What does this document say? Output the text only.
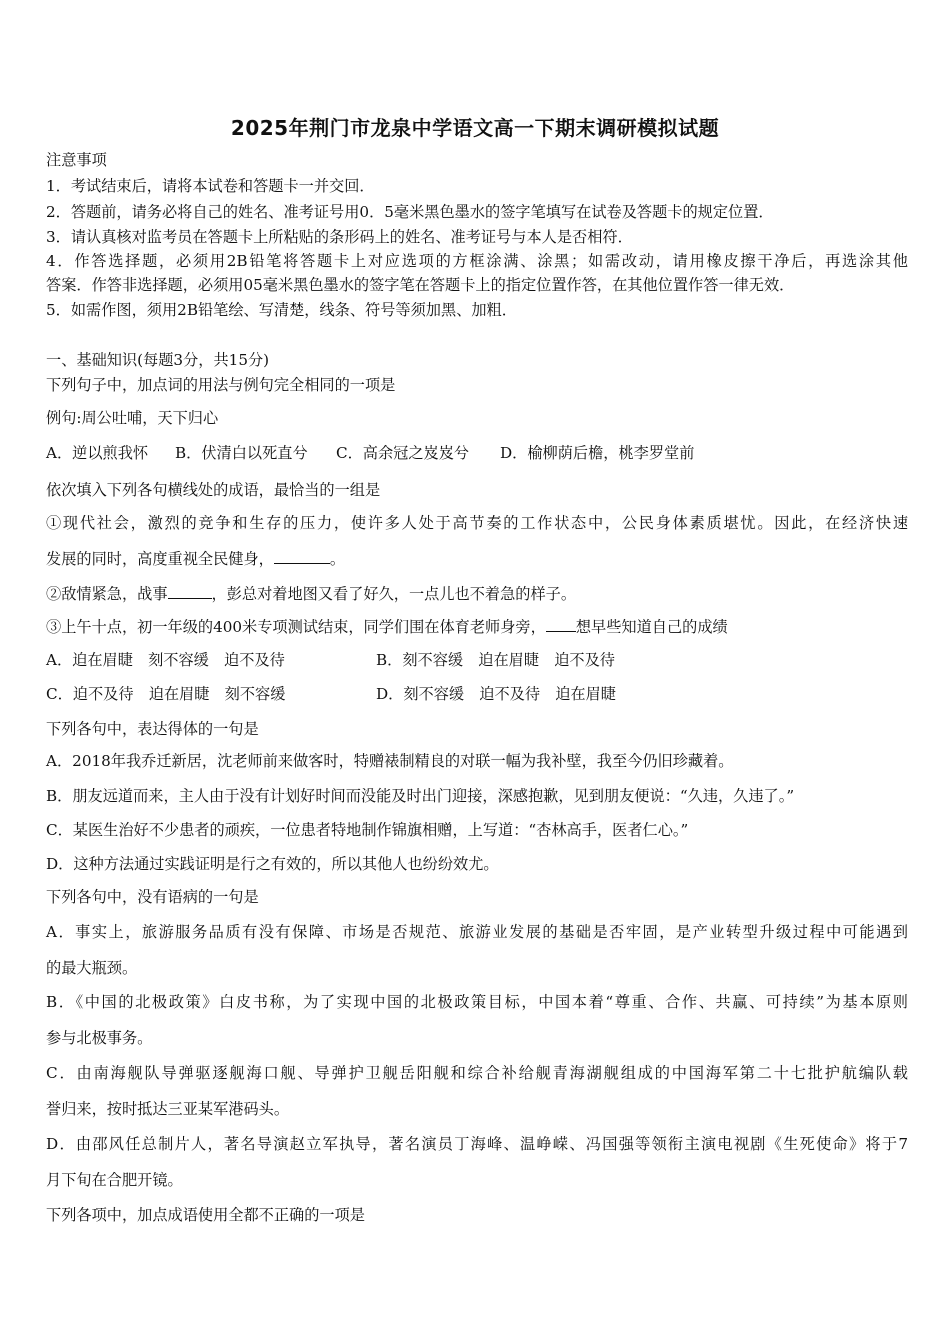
2025年荆门市龙泉中学语文高一下期末调研模拟试题
注意事项
1．考试结束后，请将本试卷和答题卡一并交回．
2．答题前，请务必将自己的姓名、准考证号用0．5毫米黑色墨水的签字笔填写在试卷及答题卡的规定位置．
3．请认真核对监考员在答题卡上所粘贴的条形码上的姓名、准考证号与本人是否相符．
4．作答选择题，必须用2B铅笔将答题卡上对应选项的方框涂满、涂黑；如需改动，请用橡皮擦干净后，再选涂其他
答案．作答非选择题，必须用05毫米黑色墨水的签字笔在答题卡上的指定位置作答，在其他位置作答一律无效．
5．如需作图，须用2B铅笔绘、写清楚，线条、符号等须加黑、加粗．
一、基础知识(每题3分，共15分)
下列句子中，加点词的用法与例句完全相同的一项是
例句:周公吐哺，天下归心
A．逆以煎我怀 B．伏清白以死直兮 C．高余冠之岌岌兮 D．榆柳荫后檐，桃李罗堂前
依次填入下列各句横线处的成语，最恰当的一组是
①现代社会，激烈的竞争和生存的压力，使许多人处于高节奏的工作状态中，公民身体素质堪忧。因此，在经济快速
发展的同时，高度重视全民健身，	。
②敌情紧急，战事	，彭总对着地图又看了好久，一点儿也不着急的样子。
③上午十点，初一年级的400米专项测试结束，同学们围在体育老师身旁， 想早些知道自己的成绩
A．迫在眉睫　刻不容缓　迫不及待	B．刻不容缓　迫在眉睫　迫不及待
C．迫不及待　迫在眉睫　刻不容缓	D．刻不容缓　迫不及待　迫在眉睫
下列各句中，表达得体的一句是
A．2018年我乔迁新居，沈老师前来做客时，特赠裱制精良的对联一幅为我补壁，我至今仍旧珍藏着。
B．朋友远道而来，主人由于没有计划好时间而没能及时出门迎接，深感抱歉，见到朋友便说：“久违，久违了。”
C．某医生治好不少患者的顽疾，一位患者特地制作锦旗相赠，上写道：“杏林高手，医者仁心。”
D．这种方法通过实践证明是行之有效的，所以其他人也纷纷效尤。
下列各句中，没有语病的一句是
A．事实上，旅游服务品质有没有保障、市场是否规范、旅游业发展的基础是否牢固，是产业转型升级过程中可能遇到
的最大瓶颈。
B．《中国的北极政策》白皮书称，为了实现中国的北极政策目标，中国本着“尊重、合作、共赢、可持续”为基本原则
参与北极事务。
C．由南海舰队导弹驱逐舰海口舰、导弹护卫舰岳阳舰和综合补给舰青海湖舰组成的中国海军第二十七批护航编队载
誉归来，按时抵达三亚某军港码头。
D．由邵风任总制片人，著名导演赵立军执导，著名演员丁海峰、温峥嵘、冯国强等领衔主演电视剧《生死使命》将于7
月下旬在合肥开镜。
下列各项中，加点成语使用全都不正确的一项是
